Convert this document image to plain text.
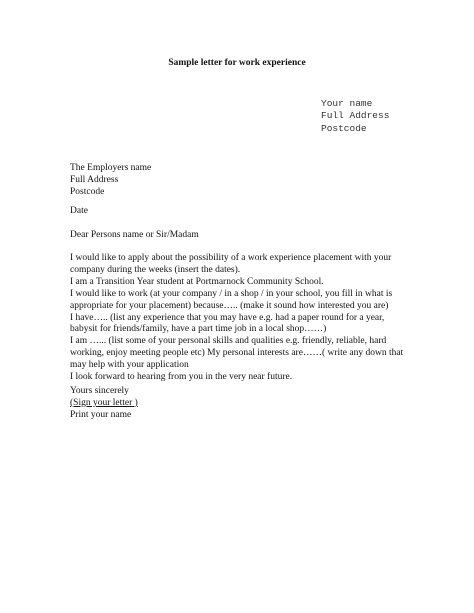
Sample letter for work experience
Your name
Full Address
Postcode
The Employers name
Full Address
Postcode
Date
Dear Persons name or Sir/Madam
I would like to apply about the possibility of a work experience placement with your
company during the weeks (insert the dates).
I am a Transition Year student at Portmarnock Community School.
I would like to work (at your company / in a shop / in your school, you fill in what is
appropriate for your placement) because….. (make it sound how interested you are)
I have….. (list any experience that you may have e.g. had a paper round for a year,
babysit for friends/family, have a part time job in a local shop……)
I am …... (list some of your personal skills and qualities e.g. friendly, reliable, hard
working, enjoy meeting people etc) My personal interests are……( write any down that
may help with your application
I look forward to hearing from you in the very near future.
Yours sincerely
(Sign your letter )
Print your name
